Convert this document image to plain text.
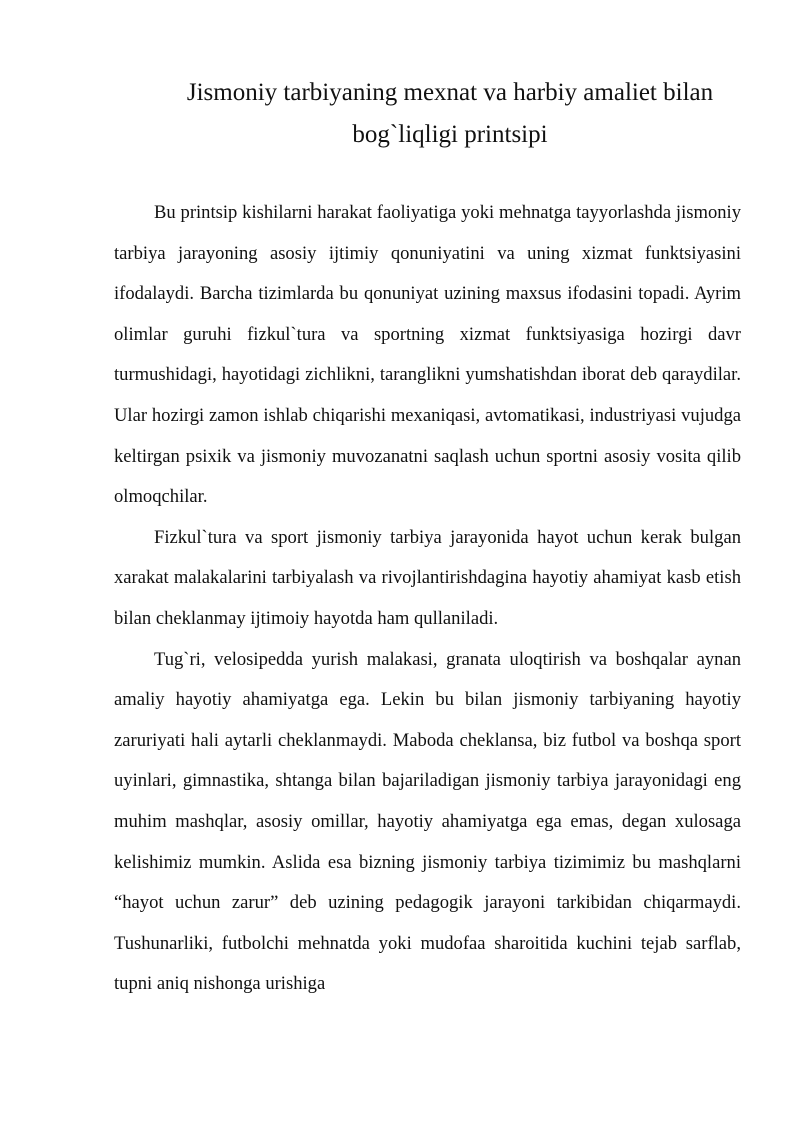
Jismoniy tarbiyaning mexnat va harbiy amaliet bilan bog`liqligi printsipi

Bu printsip kishilarni harakat faoliyatiga yoki mehnatga tayyorlashda jismoniy tarbiya jarayoning asosiy ijtimiy qonuniyatini va uning xizmat funktsiyasini ifodalaydi. Barcha tizimlarda bu qonuniyat uzining maxsus ifodasini topadi. Ayrim olimlar guruhi fizkul`tura va sportning xizmat funktsiyasiga hozirgi davr turmushidagi, hayotidagi zichlikni, taranglikni yumshatishdan iborat deb qaraydilar. Ular hozirgi zamon ishlab chiqarishi mexaniqasi, avtomatikasi, industriyasi vujudga keltirgan psixik va jismoniy muvozanatni saqlash uchun sportni asosiy vosita qilib olmoqchilar.

Fizkul`tura va sport jismoniy tarbiya jarayonida hayot uchun kerak bulgan xarakat malakalarini tarbiyalash va rivojlantirishdagina hayotiy ahamiyat kasb etish bilan cheklanmay ijtimoiy hayotda ham qullaniladi.

Tug`ri, velosipedda yurish malakasi, granata uloqtirish va boshqalar aynan amaliy hayotiy ahamiyatga ega. Lekin bu bilan jismoniy tarbiyaning hayotiy zaruriyati hali aytarli cheklanmaydi. Maboda cheklansa, biz futbol va boshqa sport uyinlari, gimnastika, shtanga bilan bajariladigan jismoniy tarbiya jarayonidagi eng muhim mashqlar, asosiy omillar, hayotiy ahamiyatga ega emas, degan xulosaga kelishimiz mumkin. Aslida esa bizning jismoniy tarbiya tizimimiz bu mashqlarni “hayot uchun zarur” deb uzining pedagogik jarayoni tarkibidan chiqarmaydi. Tushunarliki, futbolchi mehnatda yoki mudofaa sharoitida kuchini tejab sarflab, tupni aniq nishonga urishiga
